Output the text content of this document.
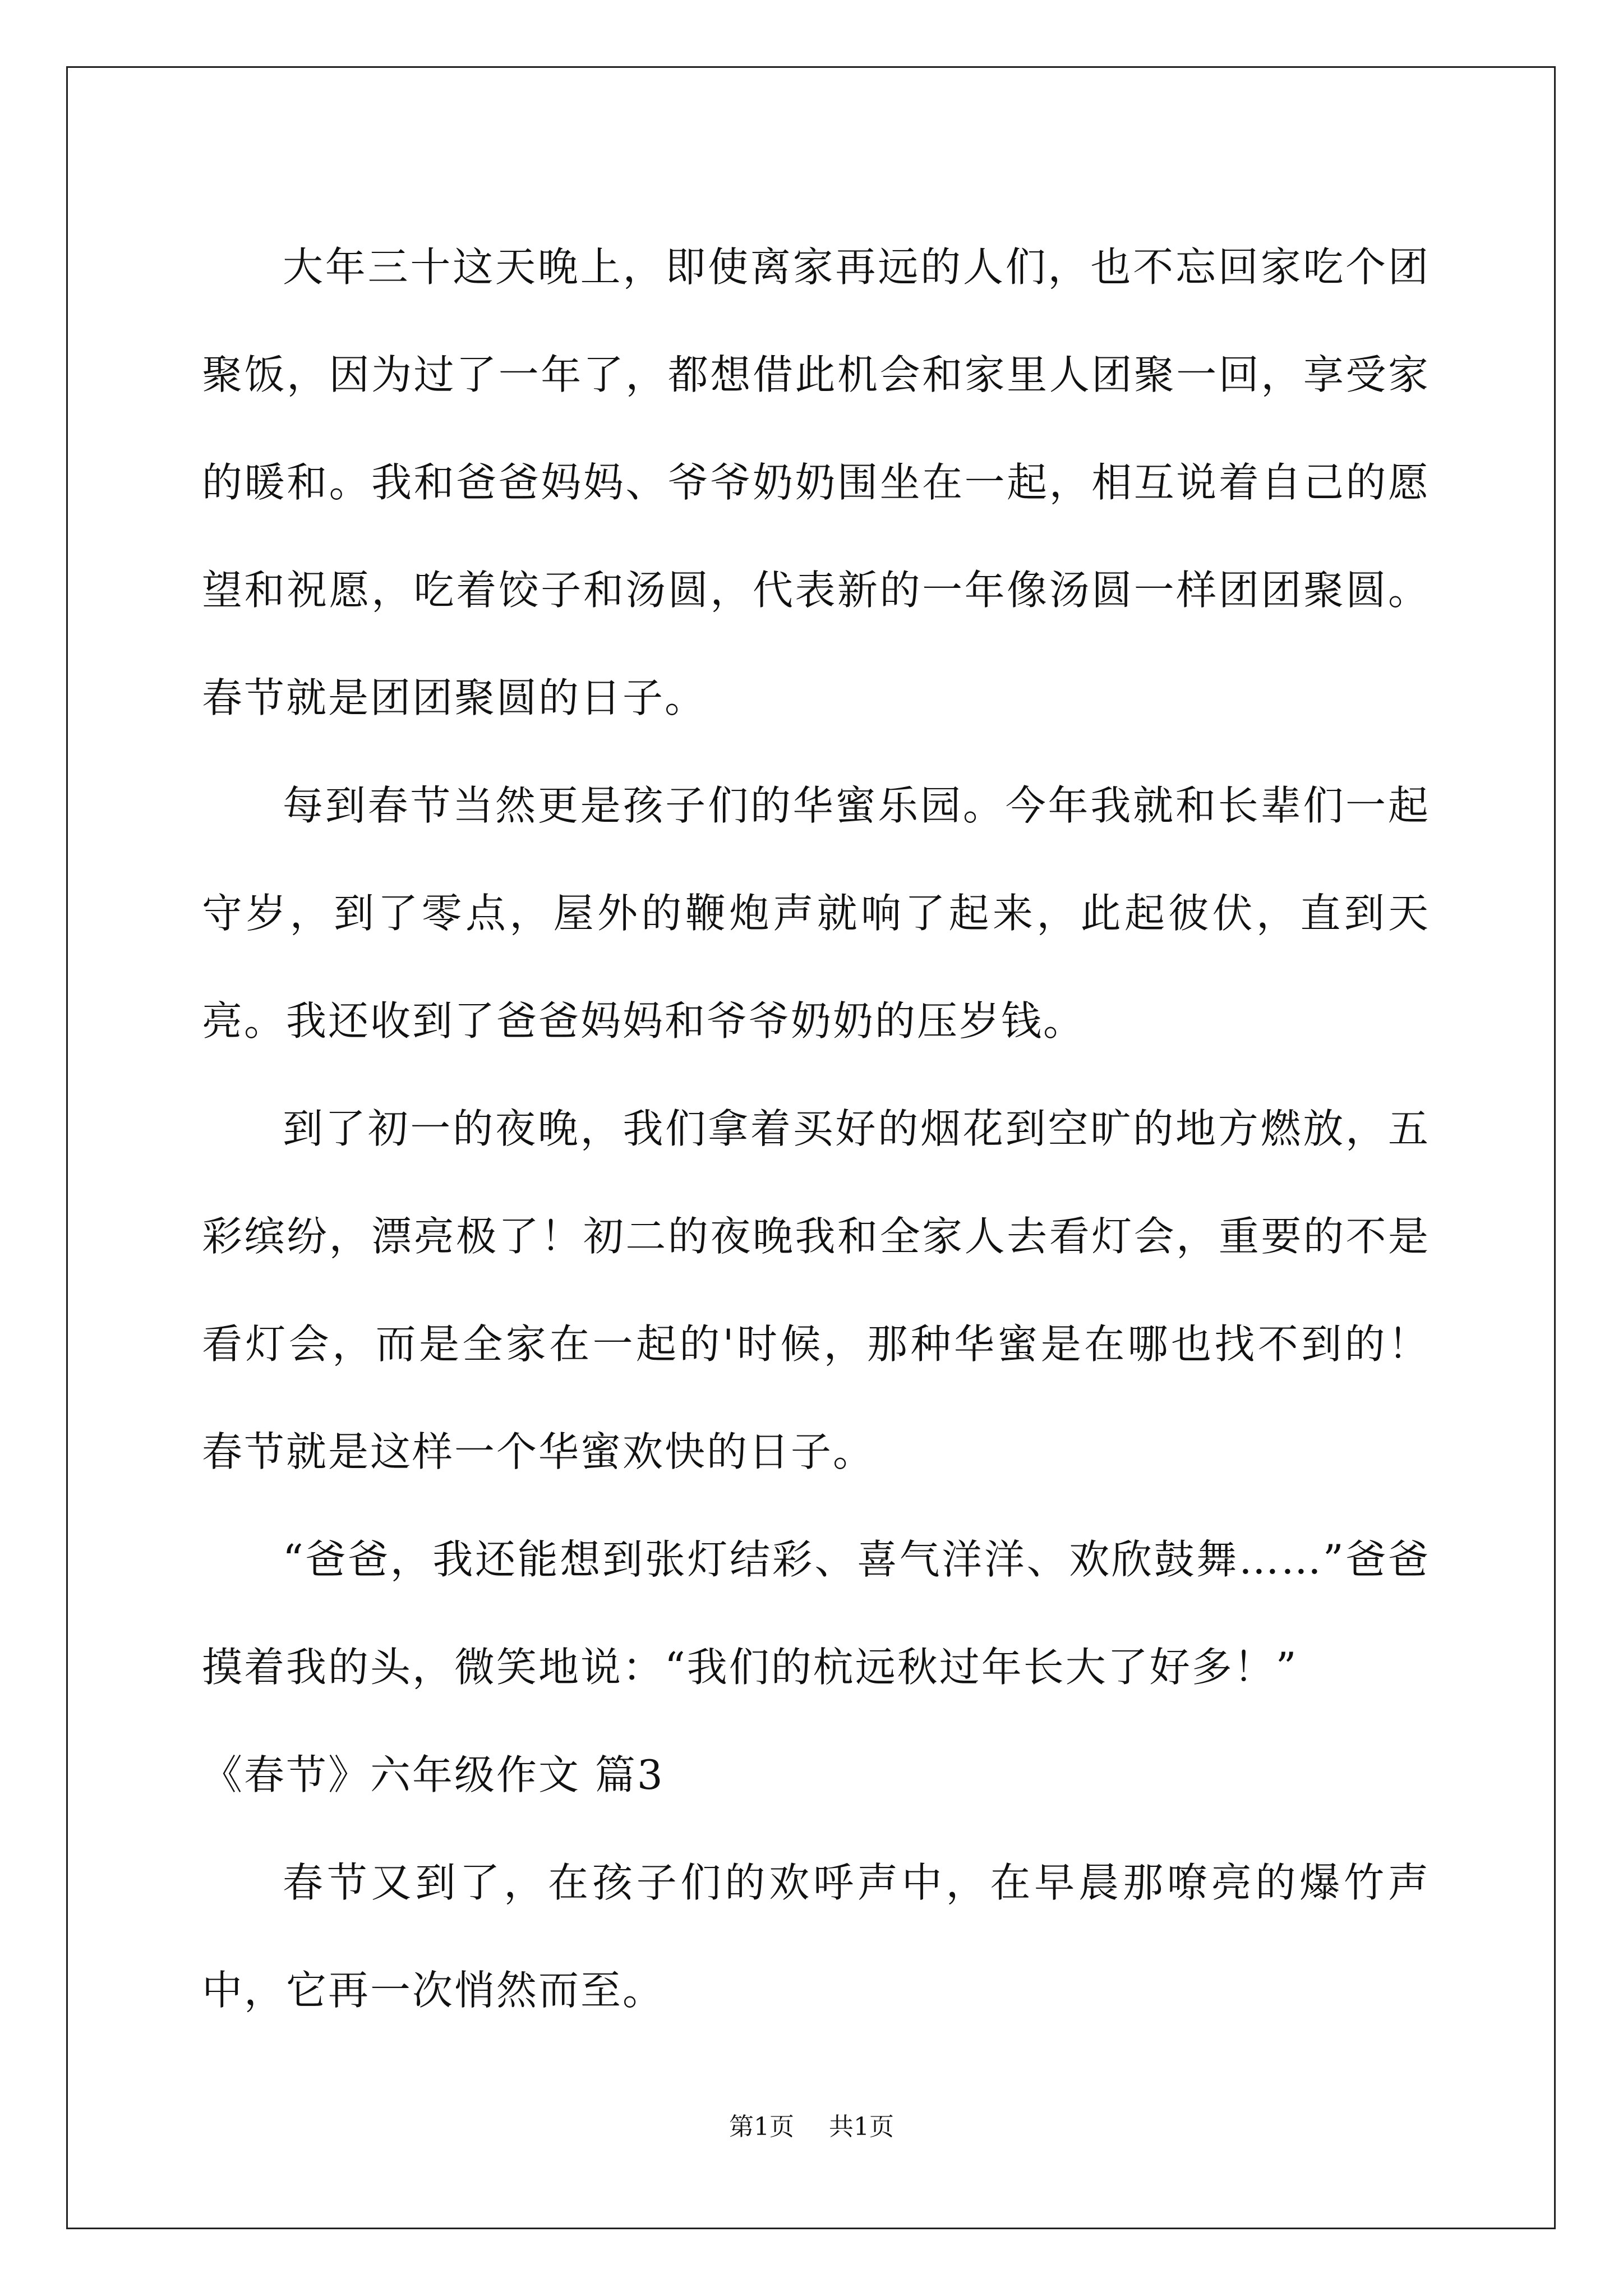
大年三十这天晚上，即使离家再远的人们，也不忘回家吃个团聚饭，因为过了一年了，都想借此机会和家里人团聚一回，享受家的暖和。我和爸爸妈妈、爷爷奶奶围坐在一起，相互说着自己的愿望和祝愿，吃着饺子和汤圆，代表新的一年像汤圆一样团团聚圆。春节就是团团聚圆的日子。

每到春节当然更是孩子们的华蜜乐园。今年我就和长辈们一起守岁，到了零点，屋外的鞭炮声就响了起来，此起彼伏，直到天亮。我还收到了爸爸妈妈和爷爷奶奶的压岁钱。

到了初一的夜晚，我们拿着买好的烟花到空旷的地方燃放，五彩缤纷，漂亮极了！初二的夜晚我和全家人去看灯会，重要的不是看灯会，而是全家在一起的'时候，那种华蜜是在哪也找不到的！春节就是这样一个华蜜欢快的日子。

“爸爸，我还能想到张灯结彩、喜气洋洋、欢欣鼓舞……”爸爸摸着我的头，微笑地说：“我们的杭远秋过年长大了好多！”

《春节》六年级作文 篇3

春节又到了，在孩子们的欢呼声中，在早晨那嘹亮的爆竹声中，它再一次悄然而至。

第1页 共1页
